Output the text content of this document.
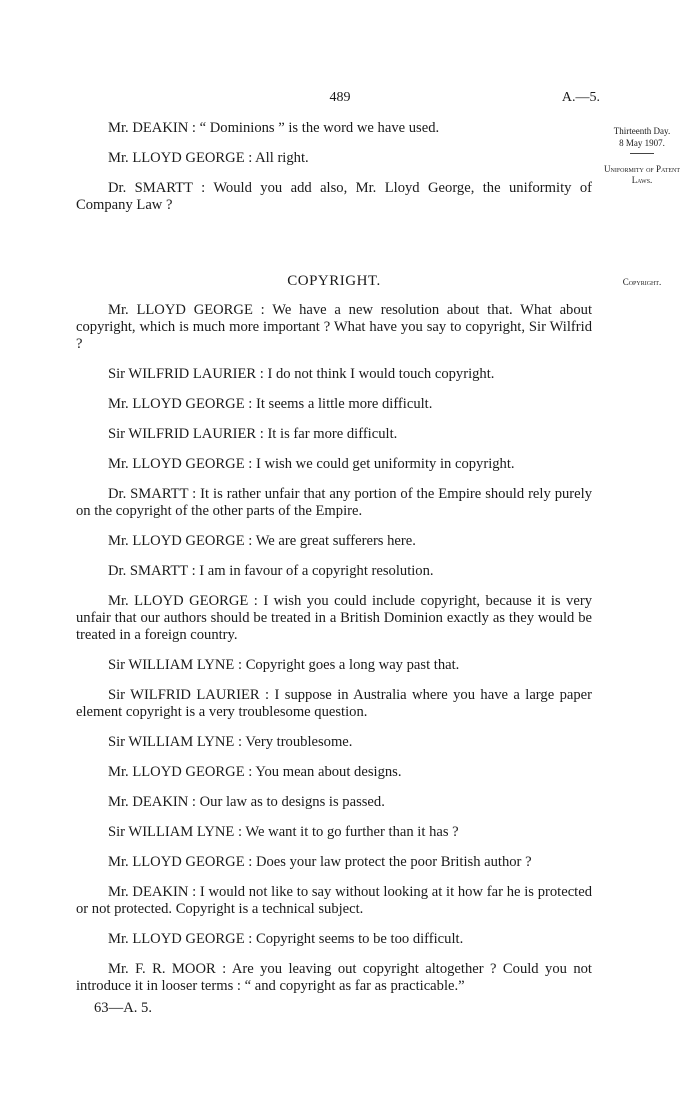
489	A.—5.
Thirteenth Day.
8 May 1907.
Uniformity of Patent Laws.
Copyright.

Mr. DEAKIN : “ Dominions ” is the word we have used.

Mr. LLOYD GEORGE : All right.

Dr. SMARTT : Would you add also, Mr. Lloyd George, the uniformity of Company Law ?

COPYRIGHT.

Mr. LLOYD GEORGE : We have a new resolution about that. What about copyright, which is much more important ? What have you say to copyright, Sir Wilfrid ?

Sir WILFRID LAURIER : I do not think I would touch copyright.

Mr. LLOYD GEORGE : It seems a little more difficult.

Sir WILFRID LAURIER : It is far more difficult.

Mr. LLOYD GEORGE : I wish we could get uniformity in copyright.

Dr. SMARTT : It is rather unfair that any portion of the Empire should rely purely on the copyright of the other parts of the Empire.

Mr. LLOYD GEORGE : We are great sufferers here.

Dr. SMARTT : I am in favour of a copyright resolution.

Mr. LLOYD GEORGE : I wish you could include copyright, because it is very unfair that our authors should be treated in a British Dominion exactly as they would be treated in a foreign country.

Sir WILLIAM LYNE : Copyright goes a long way past that.

Sir WILFRID LAURIER : I suppose in Australia where you have a large paper element copyright is a very troublesome question.

Sir WILLIAM LYNE : Very troublesome.

Mr. LLOYD GEORGE : You mean about designs.

Mr. DEAKIN : Our law as to designs is passed.

Sir WILLIAM LYNE : We want it to go further than it has ?

Mr. LLOYD GEORGE : Does your law protect the poor British author ?

Mr. DEAKIN : I would not like to say without looking at it how far he is protected or not protected. Copyright is a technical subject.

Mr. LLOYD GEORGE : Copyright seems to be too difficult.

Mr. F. R. MOOR : Are you leaving out copyright altogether ? Could you not introduce it in looser terms : “ and copyright as far as practicable.”

63—A. 5.
